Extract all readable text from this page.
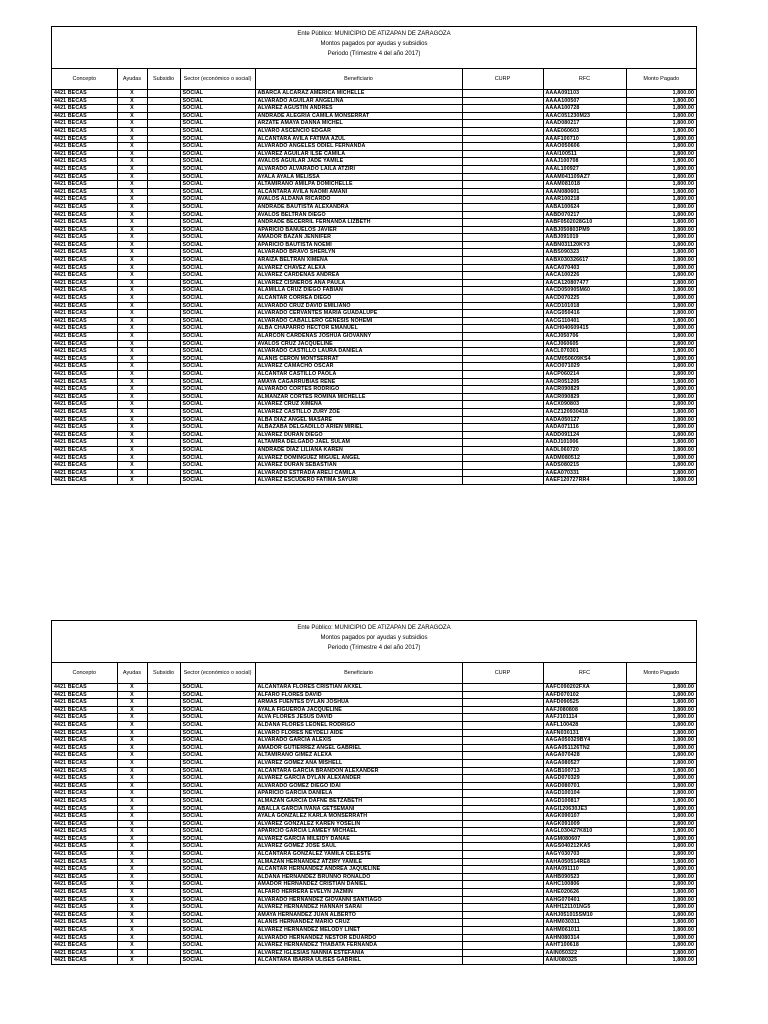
Ente Público: MUNICIPIO DE ATIZAPAN DE ZARAGOZA
Montos pagados por ayudas y subsidios
Periodo (Trimestre 4 del año 2017)
Concepto	Ayudas	Subsidio	Sector (económico o social)	Beneficiario	CURP	RFC	Monto Pagado
4421 BECAS	X		SOCIAL	ABARCA ALCARAZ AMERICA MICHELLE		AAAA091103	1,800.00
4421 BECAS	X		SOCIAL	ALVARADO AGUILAR ANGELINA		AAAA100507	1,800.00
4421 BECAS	X		SOCIAL	ALVAREZ AGUSTIN ANDRES		AAAA100728	1,800.00
4421 BECAS	X		SOCIAL	ANDRADE ALEGRIA CAMILA MONSERRAT		AAAC051230M23	1,800.00
4421 BECAS	X		SOCIAL	ARZATE AMAYA DANNA MICHEL		AAAD080217	1,800.00
4421 BECAS	X		SOCIAL	ALVARO ASCENCIO EDGAR		AAAE060603	1,800.00
4421 BECAS	X		SOCIAL	ALCANTARA AVILA FATIMA AZUL		AAAF100710	1,800.00
4421 BECAS	X		SOCIAL	ALVARADO ANGELES ODIEL FERNANDA		AAAO050606	1,800.00
4421 BECAS	X		SOCIAL	ALVAREZ AGUILAR ILSE CAMILA		AAAI100511	1,800.00
4421 BECAS	X		SOCIAL	AVALOS AGUILAR JADE YAMILE		AAAJ100708	1,800.00
4421 BECAS	X		SOCIAL	ALVARADO ALVARADO LAILA ATZIRI		AAAL100927	1,800.00
4421 BECAS	X		SOCIAL	AYALA AYALA MELISSA		AAAM041109AZ7	1,800.00
4421 BECAS	X		SOCIAL	ALTAMIRANO AMILPA DOMICHELLE		AAAM081018	1,800.00
4421 BECAS	X		SOCIAL	ALCANTARA AVILA NAOMI AMANI		AAAN080601	1,800.00
4421 BECAS	X		SOCIAL	AVALOS ALDANA RICARDO		AAAR100218	1,800.00
4421 BECAS	X		SOCIAL	ANDRADE BAUTISTA ALEXANDRA		AABA100624	1,800.00
4421 BECAS	X		SOCIAL	AVALOS BELTRAN DIEGO		AABD070217	1,800.00
4421 BECAS	X		SOCIAL	ANDRADE BECERRIL FERNANDA LIZBETH		AABF0502028G10	1,800.00
4421 BECAS	X		SOCIAL	APARICIO BANUELOS JAVIER		AABJ050803PM9	1,800.00
4421 BECAS	X		SOCIAL	AMADOR BAZAN JENNIFER		AABJ091019	1,800.00
4421 BECAS	X		SOCIAL	APARICIO BAUTISTA NOEMI		AABN031120KY3	1,800.00
4421 BECAS	X		SOCIAL	ALVARADO BRAVO SHERLYN		AABS090323	1,800.00
4421 BECAS	X		SOCIAL	ARAIZA BELTRAN XIMENA		AABX030326617	1,800.00
4421 BECAS	X		SOCIAL	ALVAREZ CHAVEZ ALEXA		AACA070403	1,800.00
4421 BECAS	X		SOCIAL	ALVAREZ CARDENAS ANDREA		AACA100226	1,800.00
4421 BECAS	X		SOCIAL	ALVAREZ CISNEROS ANA PAULA		AACA120807477	1,800.00
4421 BECAS	X		SOCIAL	ALAMILLA CRUZ DIEGO FABIAN		AACD050905M60	1,800.00
4421 BECAS	X		SOCIAL	ALCANTAR CORREA DIEGO		AACD070225	1,800.00
4421 BECAS	X		SOCIAL	ALVARADO CRUZ DAVID EMILIANO		AACD101018	1,800.00
4421 BECAS	X		SOCIAL	ALVARADO CERVANTES MARIA GUADALUPE		AACG050416	1,800.00
4421 BECAS	X		SOCIAL	ALVARADO CABALLERO GENESIS NOHEMI		AACG110401	1,800.00
4421 BECAS	X		SOCIAL	ALBA CHAPARRO HECTOR EMANUEL		AACH040609415	1,800.00
4421 BECAS	X		SOCIAL	ALARCON CARDENAS JOSHUA GIOVANNY		AACJ050706	1,800.00
4421 BECAS	X		SOCIAL	AVALOS CRUZ JACQUELINE		AACJ060605	1,800.00
4421 BECAS	X		SOCIAL	ALVARADO CASTILLO LAURA DANIELA		AACL070301	1,800.00
4421 BECAS	X		SOCIAL	ALANIS CERON MONTSERRAT		AACM050609KS4	1,800.00
4421 BECAS	X		SOCIAL	ALVAREZ CAMACHO OSCAR		AACO071029	1,800.00
4421 BECAS	X		SOCIAL	ALCANTAR CASTILLO PAOLA		AACP060214	1,800.00
4421 BECAS	X		SOCIAL	AMAYA CAGARRUBIAS RENE		AACR051205	1,800.00
4421 BECAS	X		SOCIAL	ALVARADO CORTES RODRIGO		AACR090829	1,800.00
4421 BECAS	X		SOCIAL	ALMANZAR CORTES ROMINA MICHELLE		AACR090829	1,800.00
4421 BECAS	X		SOCIAL	ALVAREZ CRUZ XIMENA		AACX090803	1,800.00
4421 BECAS	X		SOCIAL	ALVAREZ CASTILLO ZURY ZOE		AACZ120930418	1,800.00
4421 BECAS	X		SOCIAL	ALBA DIAZ ANGEL MASARE		AADA050127	1,800.00
4421 BECAS	X		SOCIAL	ALBAZABA DELGADILLO ARIEN MIRIEL		AADA071116	1,800.00
4421 BECAS	X		SOCIAL	ALVAREZ DURAN DIEGO		AADD091124	1,800.00
4421 BECAS	X		SOCIAL	ALTAMIRA DELGADO JAEL SULAM		AADJ101006	1,800.00
4421 BECAS	X		SOCIAL	ANDRADE DIAZ LILIANA KAREN		AADL060720	1,800.00
4421 BECAS	X		SOCIAL	ALVAREZ DOMINGUEZ MIGUEL ANGEL		AADM080512	1,800.00
4421 BECAS	X		SOCIAL	ALVAREZ DURAN SEBASTIAN		AADS080215	1,800.00
4421 BECAS	X		SOCIAL	ALVARADO ESTRADA ARELI CAMILA		AAEA070331	1,800.00
4421 BECAS	X		SOCIAL	ALVAREZ ESCUDERO FATIMA SAYURI		AAEF120727RR4	1,800.00
Ente Público: MUNICIPIO DE ATIZAPAN DE ZARAGOZA
Montos pagados por ayudas y subsidios
Periodo (Trimestre 4 del año 2017)
Concepto	Ayudas	Subsidio	Sector (económico o social)	Beneficiario	CURP	RFC	Monto Pagado
4421 BECAS	X		SOCIAL	ALCANTARA FLORES CRISTIAN AKXEL		AAFC090202FXA	1,800.00
4421 BECAS	X		SOCIAL	ALFARO FLORES DAVID		AAFD070102	1,800.00
4421 BECAS	X		SOCIAL	ARMAS FUENTES DYLAN JOSHUA		AAFD090525	1,800.00
4421 BECAS	X		SOCIAL	AYALA FIGUEROA JACQUELINE		AAFJ080808	1,800.00
4421 BECAS	X		SOCIAL	ALVA FLORES JESUS DAVID		AAFJ101114	1,800.00
4421 BECAS	X		SOCIAL	ALDANA FLORES LEONEL RODRIGO		AAFL100428	1,800.00
4421 BECAS	X		SOCIAL	ALVARO FLORES NEYDELI AIDE		AAFN030131	1,800.00
4421 BECAS	X		SOCIAL	ALVARADO GARCIA ALEXIS		AAGA050329BY4	1,800.00
4421 BECAS	X		SOCIAL	AMADOR GUTIERREZ ANGEL GABRIEL		AAGA051126TN2	1,800.00
4421 BECAS	X		SOCIAL	ALTAMIRANO GIMEZ ALEXA		AAGA070428	1,800.00
4421 BECAS	X		SOCIAL	ALVAREZ GOMEZ ANA MISHELL		AAGA080527	1,800.00
4421 BECAS	X		SOCIAL	ALCANTARA GARCIA BRANDON ALEXANDER		AAGB100713	1,800.00
4421 BECAS	X		SOCIAL	ALVAREZ GARCIA DYLAN ALEXANDER		AAGD070329	1,800.00
4421 BECAS	X		SOCIAL	ALVARADO GOMEZ DIEGO IDAI		AAGD080701	1,800.00
4421 BECAS	X		SOCIAL	APARICIO GARCIA DANIELA		AAGD100104	1,800.00
4421 BECAS	X		SOCIAL	ALMAZAN GARCIA DAFNE BETZABETH		AAGD100817	1,800.00
4421 BECAS	X		SOCIAL	ABALLA GARCIA IVANA GETSEMANI		AAGI120630JE3	1,800.00
4421 BECAS	X		SOCIAL	AYALA GONZALEZ KARLA MONSERRATH		AAGK090107	1,800.00
4421 BECAS	X		SOCIAL	ALVAREZ GONZALEZ KAREN YOSELIN		AAGK091009	1,800.00
4421 BECAS	X		SOCIAL	APARICIO GARCIA LAMEEY MICHAEL		AAGL030427K810	1,800.00
4421 BECAS	X		SOCIAL	ALVAREZ GARCIA MILEIDY DANAE		AAGM080607	1,800.00
4421 BECAS	X		SOCIAL	ALVAREZ GOMEZ JOSE SAUL		AAGS040212KA5	1,800.00
4421 BECAS	X		SOCIAL	ALCANTARA GONZALEZ YAMILA CELESTE		AAGY030703	1,800.00
4421 BECAS	X		SOCIAL	ALMAZAN HERNANDEZ ATZIRY YAMILE		AAHA050514RE8	1,800.00
4421 BECAS	X		SOCIAL	ALCANTAR HERNANDEZ ANDREA JAQUELINE		AAHA091110	1,800.00
4421 BECAS	X		SOCIAL	ALDANA HERNANDEZ BRUNNO RONALDO		AAHB090523	1,800.00
4421 BECAS	X		SOCIAL	AMADOR HERNANDEZ CRISTIAN DANIEL		AAHC100806	1,800.00
4421 BECAS	X		SOCIAL	ALFARO HERRERA EVELYN JAZMIN		AAHE020626	1,800.00
4421 BECAS	X		SOCIAL	ALVARADO HERNANDEZ GIOVANNI SANTIAGO		AAHG070401	1,800.00
4421 BECAS	X		SOCIAL	ALVAREZ HERNANDEZ HANNAH SARAI		AAHH121101NG5	1,800.00
4421 BECAS	X		SOCIAL	AMAYA HERNANDEZ JUAN ALBERTO		AAHJ051015SM10	1,800.00
4421 BECAS	X		SOCIAL	ALANIS HERNANDEZ MARIO CRUZ		AAHM030311	1,800.00
4421 BECAS	X		SOCIAL	ALVAREZ HERNANDEZ MELODY LINET		AAHM061011	1,800.00
4421 BECAS	X		SOCIAL	ALVARADO HERNANDEZ NESTOR EDUARDO		AAHN080314	1,800.00
4421 BECAS	X		SOCIAL	ALVAREZ HERNANDEZ THABATA FERNANDA		AAHT100618	1,800.00
4421 BECAS	X		SOCIAL	ALVAREZ IGLESIAS NANNIA ESTEFANIA		AAIN050322	1,800.00
4421 BECAS	X		SOCIAL	ALCANTARA IBARRA ULISES GABRIEL		AAIU080325	1,800.00
